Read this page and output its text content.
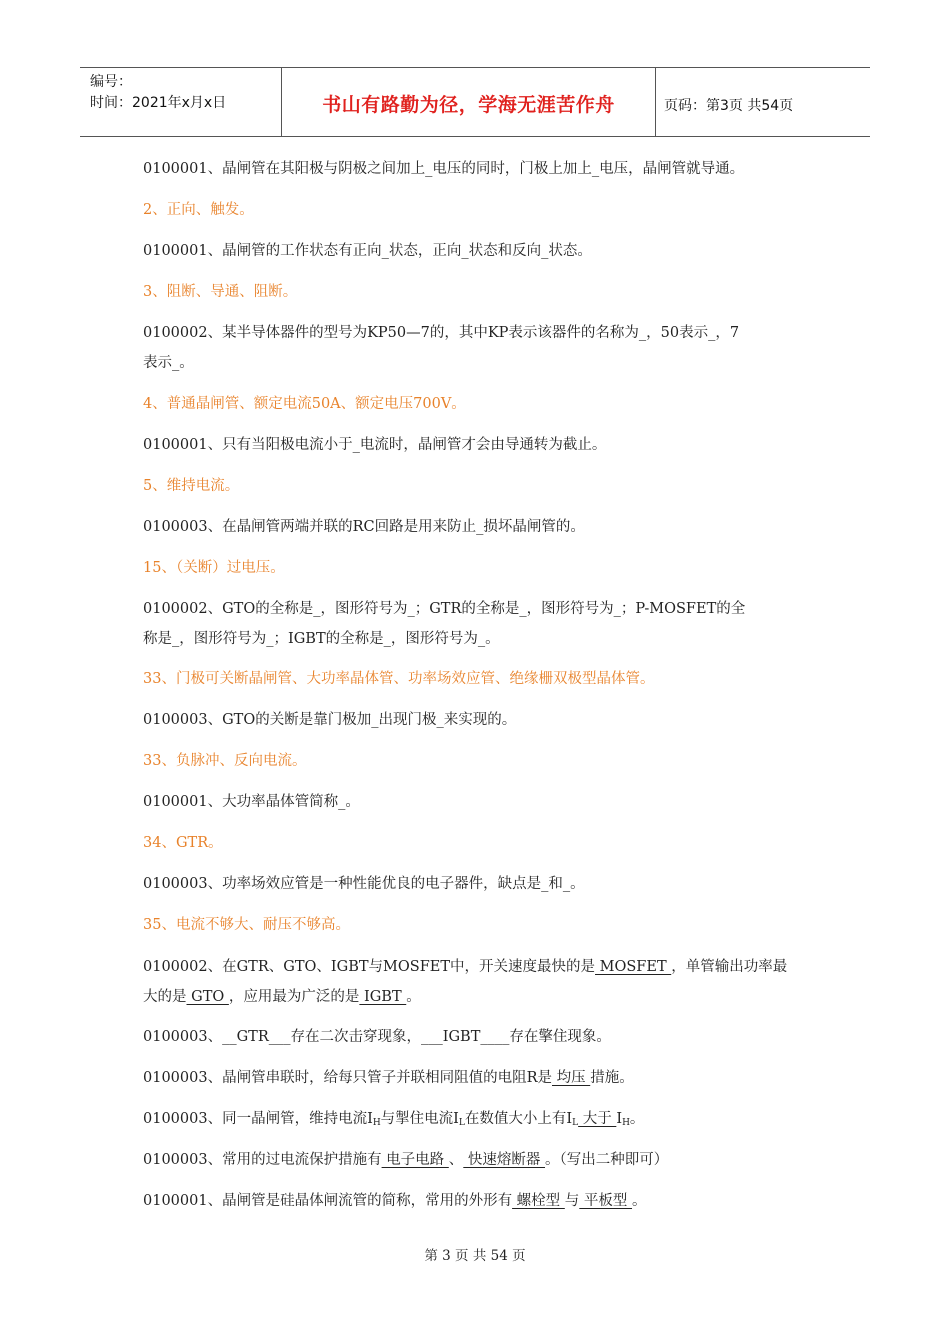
编号：
时间：2021年x月x日	书山有路勤为径，学海无涯苦作舟	页码：第3页 共54页
0100001、晶闸管在其阳极与阴极之间加上_电压的同时，门极上加上_电压，晶闸管就导通。
2、正向、触发。
0100001、晶闸管的工作状态有正向_状态，正向_状态和反向_状态。
3、阻断、导通、阻断。
0100002、某半导体器件的型号为KP50—7的，其中KP表示该器件的名称为_，50表示_，7
表示_。
4、普通晶闸管、额定电流50A、额定电压700V。
0100001、只有当阳极电流小于_电流时，晶闸管才会由导通转为截止。
5、维持电流。
0100003、在晶闸管两端并联的RC回路是用来防止_损坏晶闸管的。
15、（关断）过电压。
0100002、GTO的全称是_，图形符号为_；GTR的全称是_，图形符号为_；P-MOSFET的全
称是_，图形符号为_；IGBT的全称是_，图形符号为_。
33、门极可关断晶闸管、大功率晶体管、功率场效应管、绝缘栅双极型晶体管。
0100003、GTO的关断是靠门极加_出现门极_来实现的。
33、负脉冲、反向电流。
0100001、大功率晶体管简称_。
34、GTR。
0100003、功率场效应管是一种性能优良的电子器件，缺点是_和_。
35、电流不够大、耐压不够高。
0100002、在GTR、GTO、IGBT与MOSFET中，开关速度最快的是 MOSFET ，单管输出功率最
大的是 GTO ，应用最为广泛的是 IGBT 。
0100003、__GTR___存在二次击穿现象，___IGBT____存在擎住现象。
0100003、晶闸管串联时，给每只管子并联相同阻值的电阻R是 均压 措施。
0100003、同一晶闸管，维持电流$I_H$与掣住电流$I_L$在数值大小上有$I_L$ 大于 $I_H$。
0100003、常用的过电流保护措施有 电子电路 、 快速熔断器 。（写出二种即可）
0100001、晶闸管是硅晶体闸流管的简称，常用的外形有 螺栓型 与 平板型 。
第 3 页 共 54 页
